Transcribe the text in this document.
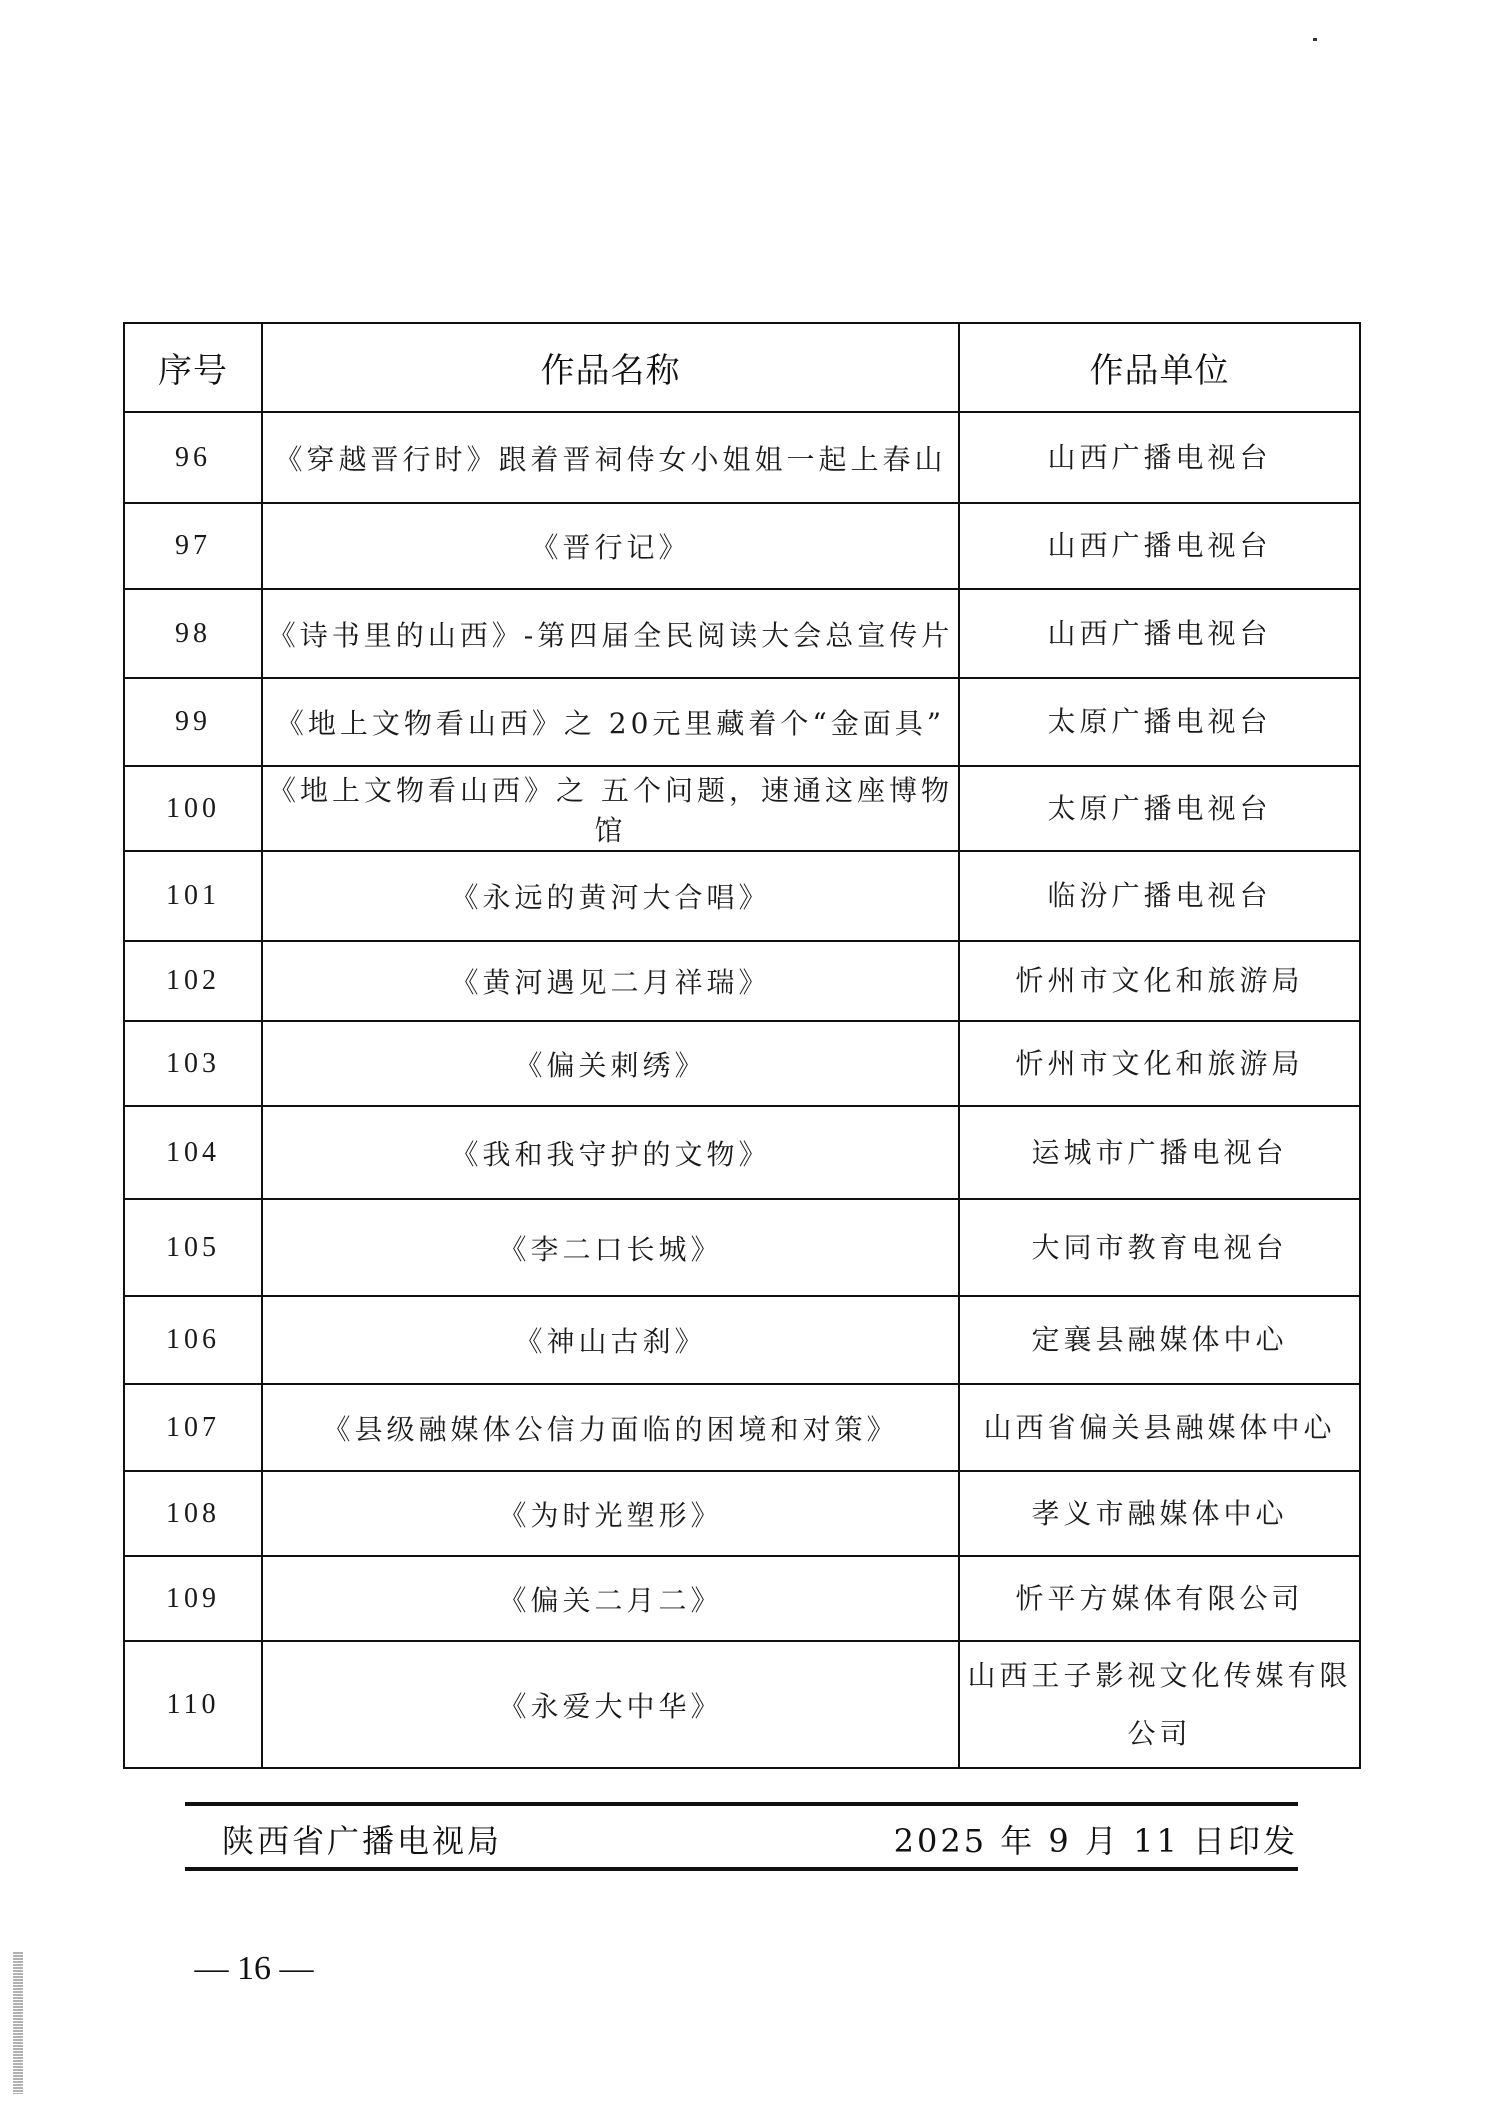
序号	作品名称	作品单位
96	《穿越晋行时》跟着晋祠侍女小姐姐一起上春山	山西广播电视台
97	《晋行记》	山西广播电视台
98	《诗书里的山西》-第四届全民阅读大会总宣传片	山西广播电视台
99	《地上文物看山西》之 20元里藏着个“金面具”	太原广播电视台
100	《地上文物看山西》之 五个问题，速通这座博物馆	太原广播电视台
101	《永远的黄河大合唱》	临汾广播电视台
102	《黄河遇见二月祥瑞》	忻州市文化和旅游局
103	《偏关刺绣》	忻州市文化和旅游局
104	《我和我守护的文物》	运城市广播电视台
105	《李二口长城》	大同市教育电视台
106	《神山古刹》	定襄县融媒体中心
107	《县级融媒体公信力面临的困境和对策》	山西省偏关县融媒体中心
108	《为时光塑形》	孝义市融媒体中心
109	《偏关二月二》	忻平方媒体有限公司
110	《永爱大中华》	山西王子影视文化传媒有限公司
陕西省广播电视局	2025 年 9 月 11 日印发
— 16 —
